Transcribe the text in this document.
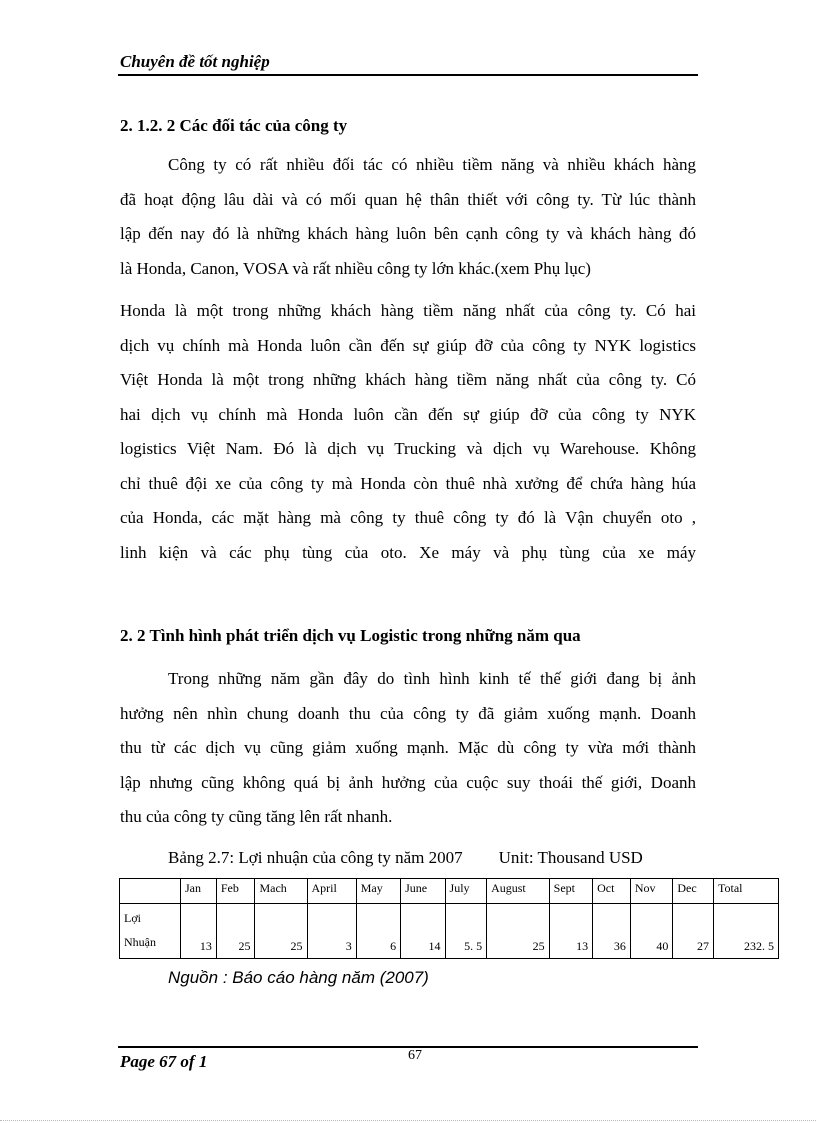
Chuyên đề tốt nghiệp
2. 1.2. 2 Các đối tác của công ty
Công ty có rất nhiều đối tác có nhiều tiềm năng và nhiều khách hàng
đã hoạt động lâu dài và có mối quan hệ thân thiết với công ty. Từ lúc thành
lập đến nay đó là những khách hàng luôn bên cạnh công ty và khách hàng đó
là Honda, Canon, VOSA và rất nhiều công ty lớn khác.(xem Phụ lục)
Honda là một trong những khách hàng tiềm năng nhất của công ty. Có hai
dịch vụ chính mà Honda luôn cần đến sự giúp đỡ của công ty NYK logistics
Việt Honda là một trong những khách hàng tiềm năng nhất của công ty. Có
hai dịch vụ chính mà Honda luôn cần đến sự giúp đỡ của công ty NYK
logistics Việt Nam. Đó là dịch vụ Trucking và dịch vụ Warehouse. Không
chỉ thuê đội xe của công ty mà Honda còn thuê nhà xưởng để chứa hàng húa
của Honda, các mặt hàng mà công ty thuê công ty đó là Vận chuyển oto ,
linh kiện và các phụ tùng của oto. Xe máy và phụ tùng của xe máy
2. 2 Tình hình phát triển dịch vụ Logistic trong những năm qua
Trong những năm gần đây do tình hình kinh tế thế giới đang bị ảnh
hưởng nên nhìn chung doanh thu của công ty đã giảm xuống mạnh. Doanh
thu từ các dịch vụ cũng giảm xuống mạnh. Mặc dù công ty vừa mới thành
lập nhưng cũng không quá bị ảnh hưởng của cuộc suy thoái thế giới, Doanh
thu của công ty cũng tăng lên rất nhanh.
Bảng 2.7: Lợi nhuận của công ty năm 2007 Unit: Thousand USD
	Jan	Feb	Mach	April	May	June	July	August	Sept	Oct	Nov	Dec	Total

Lợi
Nhuận	13	25	25	3	6	14	5. 5	25	13	36	40	27	232. 5
Nguồn : Báo cáo hàng năm (2007)
Page 67 of 1	67
